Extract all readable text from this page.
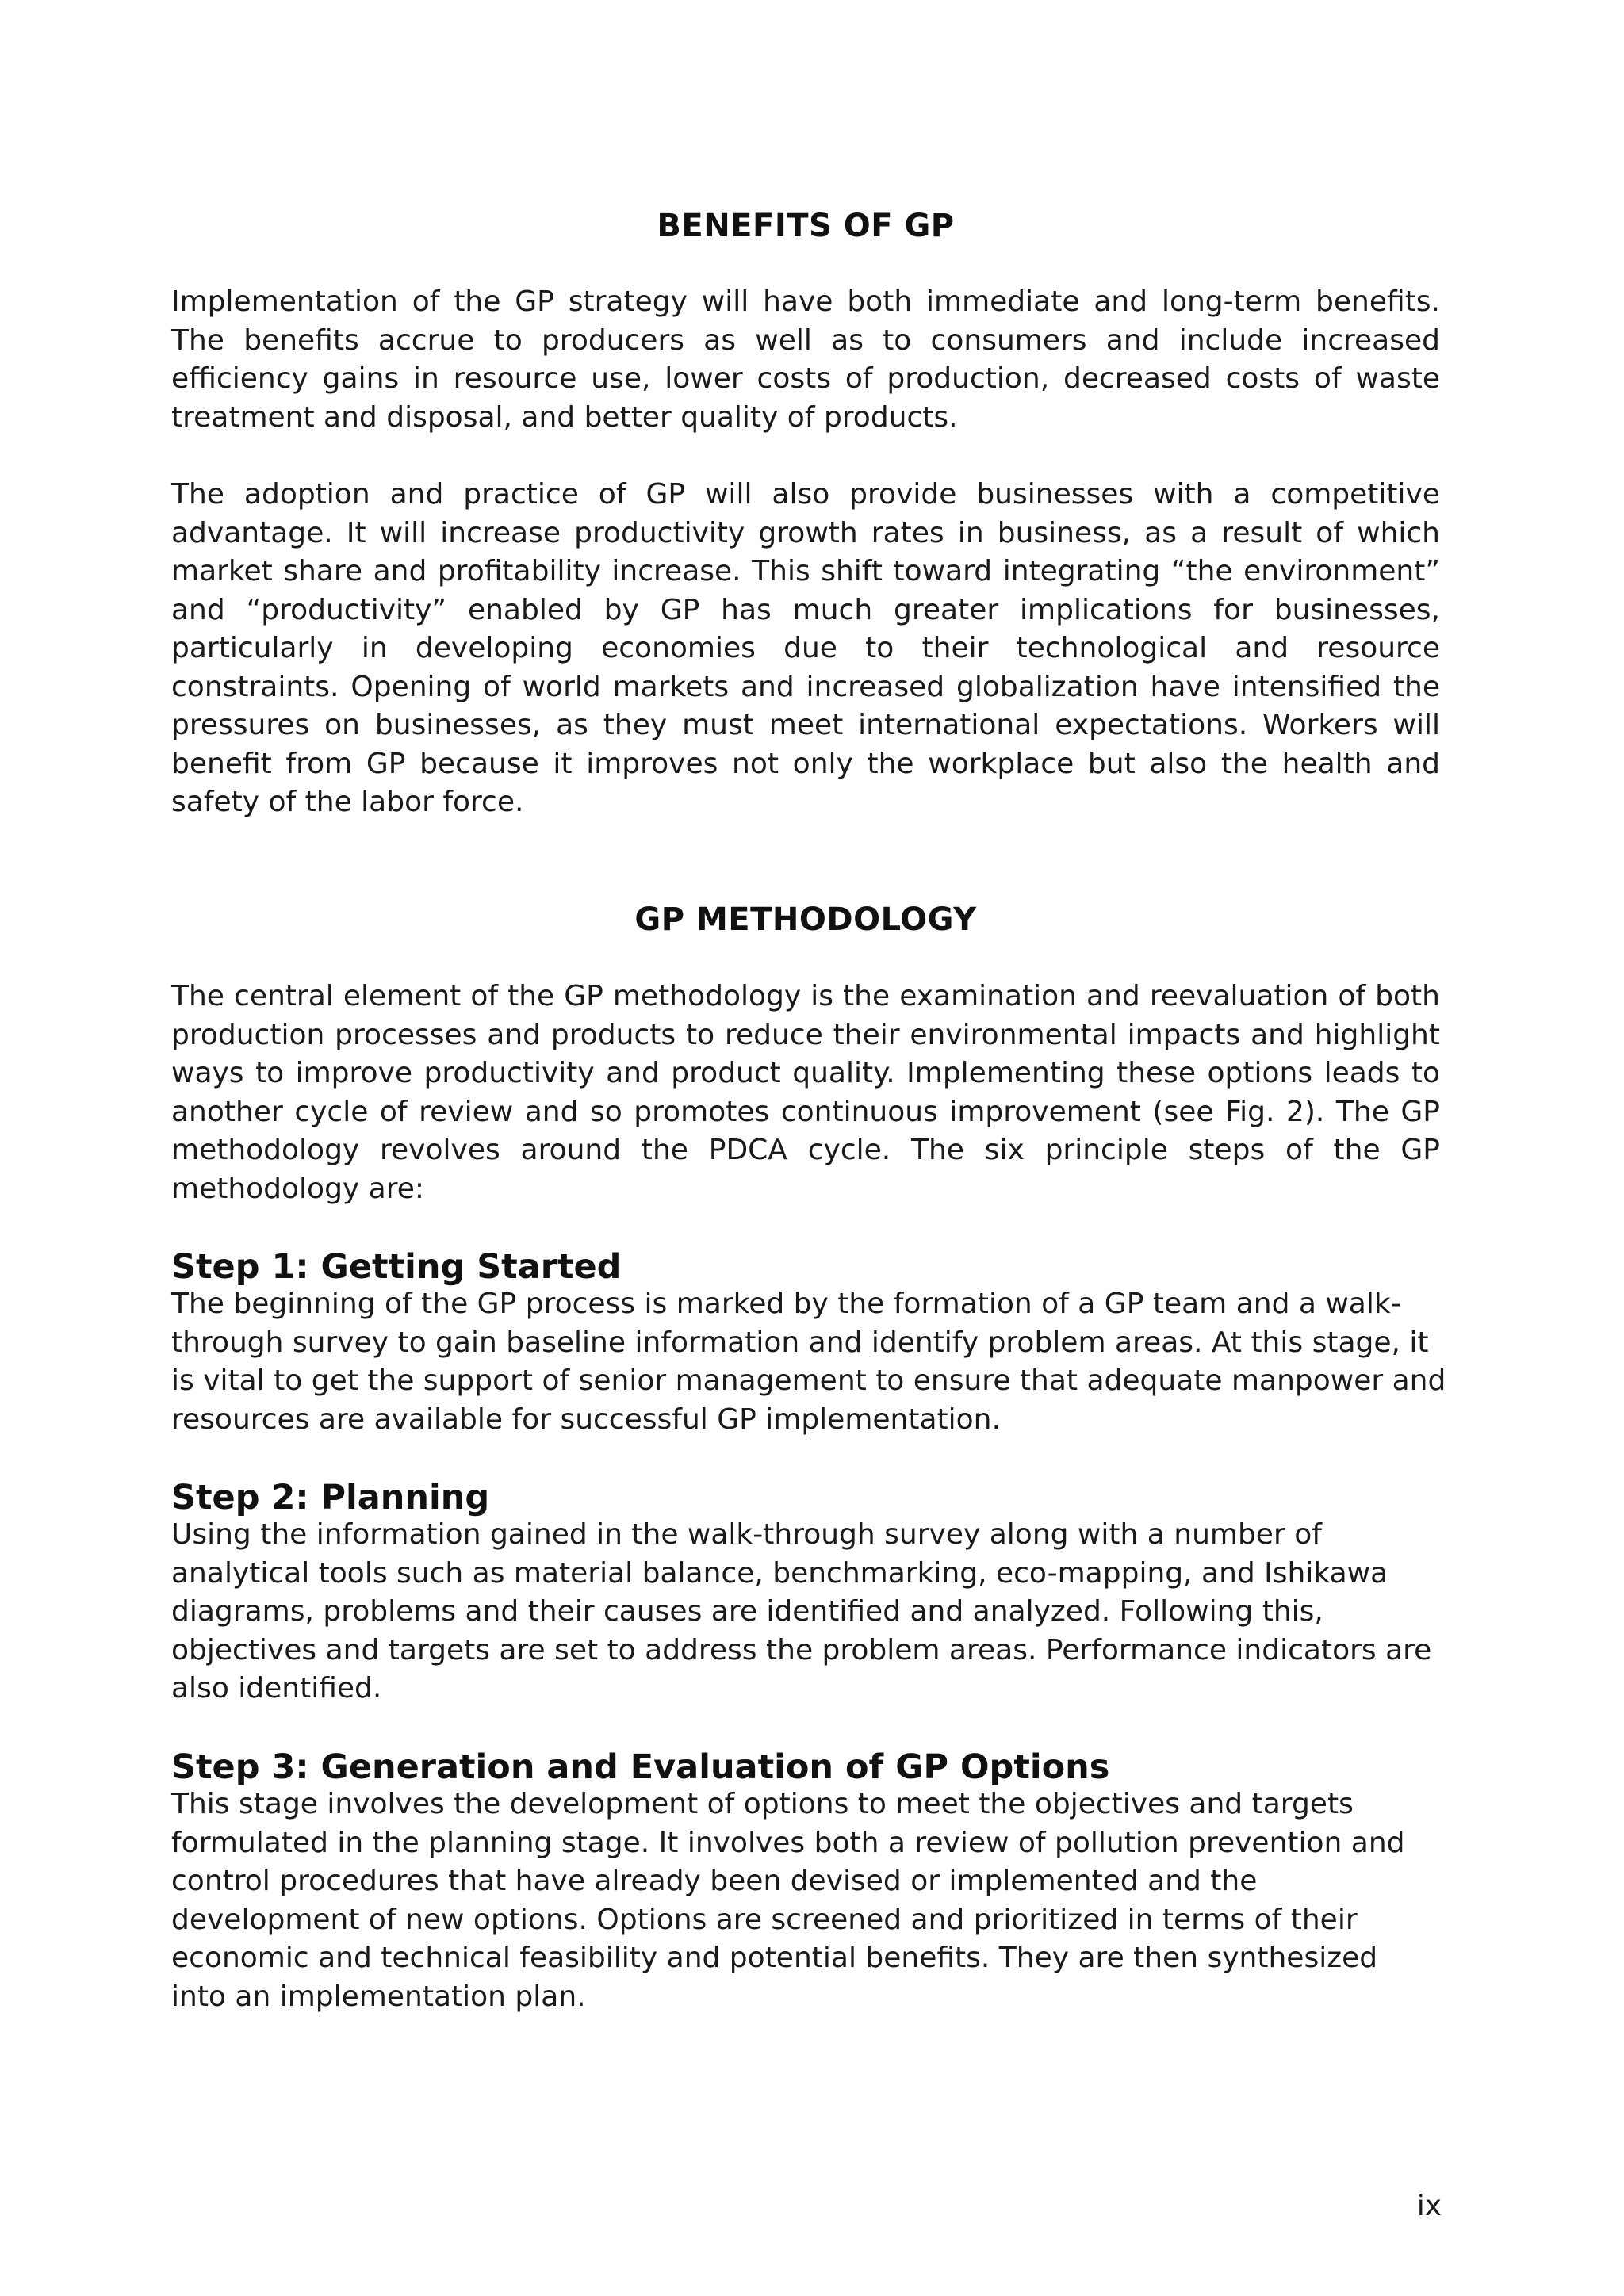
BENEFITS OF GP

Implementation of the GP strategy will have both immediate and long-term benefits. The benefits accrue to producers as well as to consumers and include increased efficiency gains in resource use, lower costs of production, decreased costs of waste treatment and disposal, and better quality of products.

The adoption and practice of GP will also provide businesses with a competitive advantage. It will increase productivity growth rates in business, as a result of which market share and profitability increase. This shift toward integrating “the environment” and “productivity” enabled by GP has much greater implications for businesses, particularly in developing economies due to their technological and resource constraints. Opening of world markets and increased globalization have intensified the pressures on businesses, as they must meet international expectations. Workers will benefit from GP because it improves not only the workplace but also the health and safety of the labor force.

GP METHODOLOGY

The central element of the GP methodology is the examination and reevaluation of both production processes and products to reduce their environmental impacts and highlight ways to improve productivity and product quality. Implementing these options leads to another cycle of review and so promotes continuous improvement (see Fig. 2). The GP methodology revolves around the PDCA cycle. The six principle steps of the GP methodology are:

Step 1: Getting Started

The beginning of the GP process is marked by the formation of a GP team and a walk-through survey to gain baseline information and identify problem areas. At this stage, it is vital to get the support of senior management to ensure that adequate manpower and resources are available for successful GP implementation.

Step 2: Planning

Using the information gained in the walk-through survey along with a number of analytical tools such as material balance, benchmarking, eco-mapping, and Ishikawa diagrams, problems and their causes are identified and analyzed. Following this, objectives and targets are set to address the problem areas. Performance indicators are also identified.

Step 3: Generation and Evaluation of GP Options

This stage involves the development of options to meet the objectives and targets formulated in the planning stage. It involves both a review of pollution prevention and control procedures that have already been devised or implemented and the development of new options. Options are screened and prioritized in terms of their economic and technical feasibility and potential benefits. They are then synthesized into an implementation plan.

ix
